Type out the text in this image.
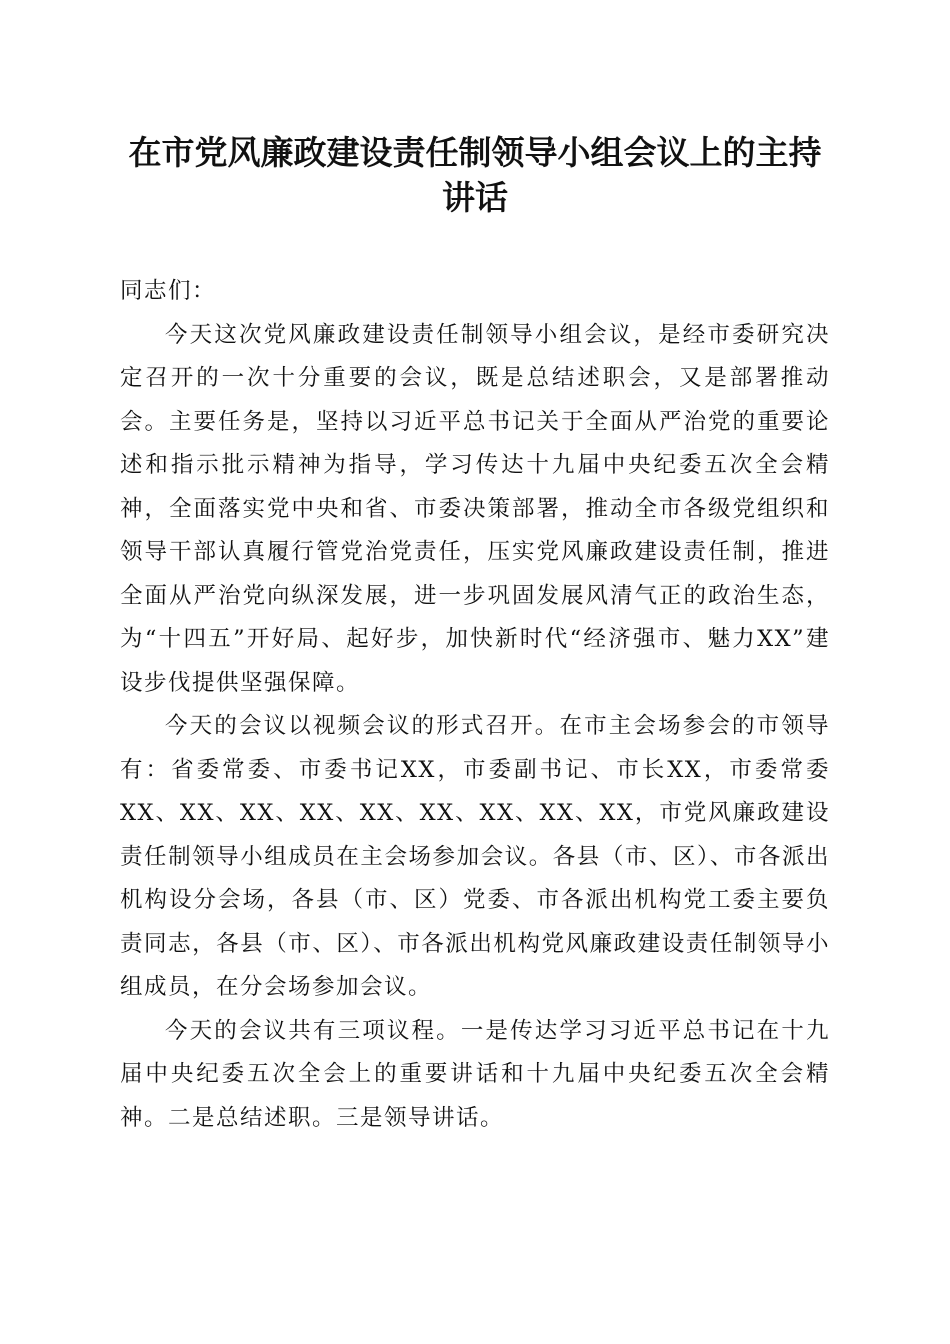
在市党风廉政建设责任制领导小组会议上的主持讲话

同志们：

今天这次党风廉政建设责任制领导小组会议，是经市委研究决定召开的一次十分重要的会议，既是总结述职会，又是部署推动会。主要任务是，坚持以习近平总书记关于全面从严治党的重要论述和指示批示精神为指导，学习传达十九届中央纪委五次全会精神，全面落实党中央和省、市委决策部署，推动全市各级党组织和领导干部认真履行管党治党责任，压实党风廉政建设责任制，推进全面从严治党向纵深发展，进一步巩固发展风清气正的政治生态，为“十四五”开好局、起好步，加快新时代“经济强市、魅力XX”建设步伐提供坚强保障。

今天的会议以视频会议的形式召开。在市主会场参会的市领导有：省委常委、市委书记XX，市委副书记、市长XX，市委常委XX、XX、XX、XX、XX、XX、XX、XX、XX，市党风廉政建设责任制领导小组成员在主会场参加会议。各县（市、区）、市各派出机构设分会场，各县（市、区）党委、市各派出机构党工委主要负责同志，各县（市、区）、市各派出机构党风廉政建设责任制领导小组成员，在分会场参加会议。

今天的会议共有三项议程。一是传达学习习近平总书记在十九届中央纪委五次全会上的重要讲话和十九届中央纪委五次全会精神。二是总结述职。三是领导讲话。
